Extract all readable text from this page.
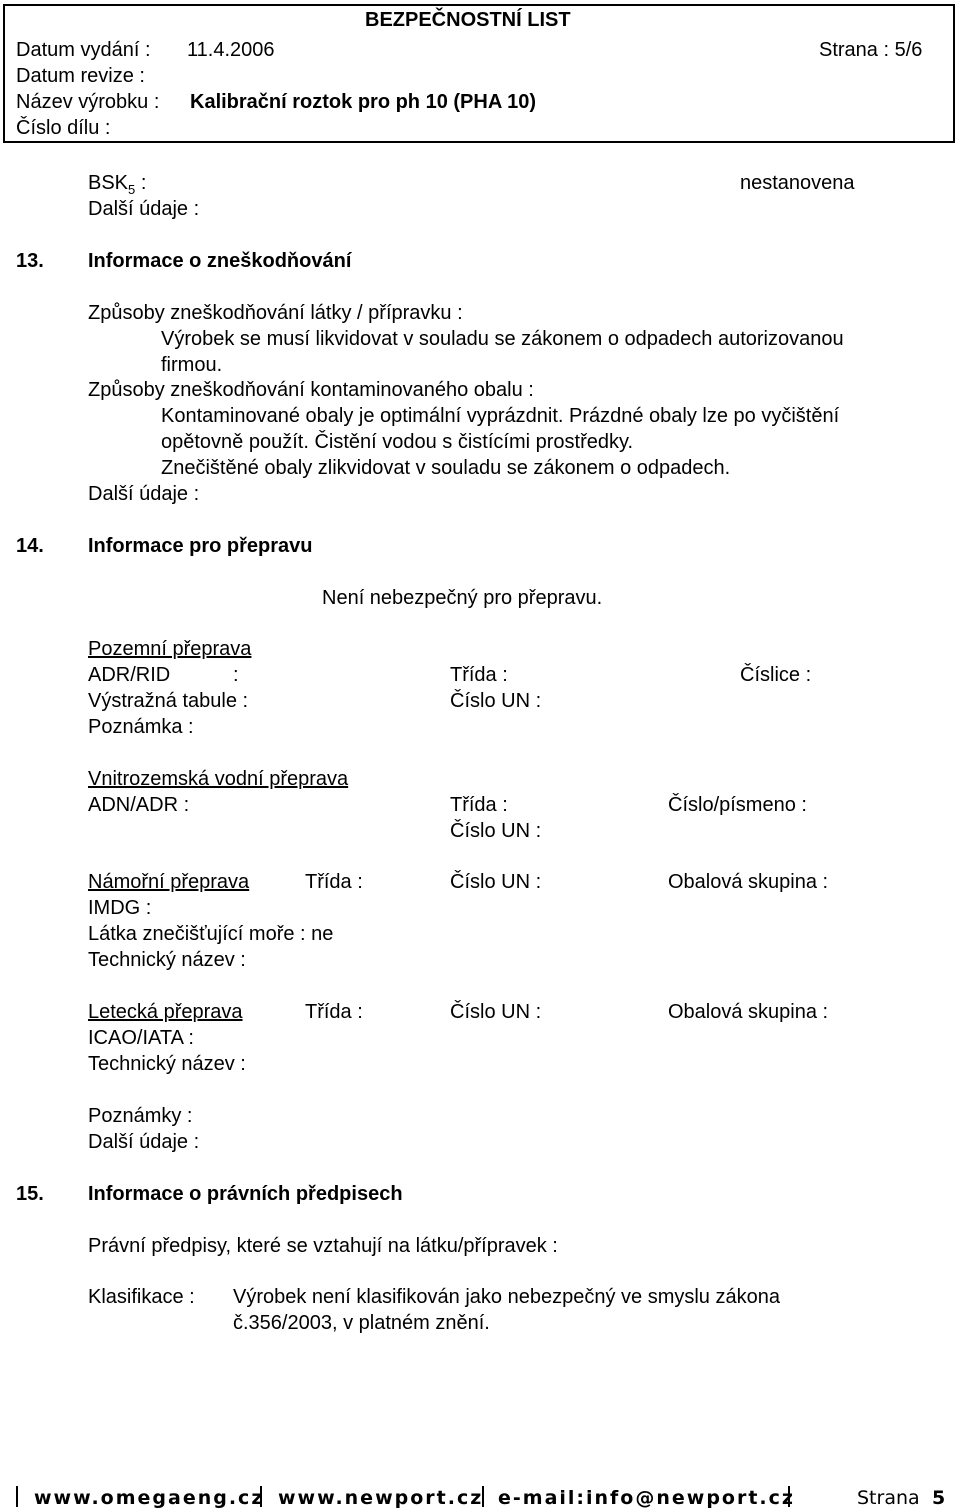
BEZPEČNOSTNÍ LIST
Datum vydání : 11.4.2006	Strana : 5/6
Datum revize :
Název výrobku : Kalibrační roztok pro ph 10 (PHA 10)
Číslo dílu :
$BSK_5$ :	nestanovena
Další údaje :
13. Informace o zneškodňování
Způsoby zneškodňování látky / přípravku :
Výrobek se musí likvidovat v souladu se zákonem o odpadech autorizovanou
firmou.
Způsoby zneškodňování kontaminovaného obalu :
Kontaminované obaly je optimální vyprázdnit. Prázdné obaly lze po vyčištění
opětovně použít. Čistění vodou s čistícími prostředky.
Znečištěné obaly zlikvidovat v souladu se zákonem o odpadech.
Další údaje :
14. Informace pro přepravu
Není nebezpečný pro přepravu.
Pozemní přeprava
ADR/RID	:	Třída :	Číslice :
Výstražná tabule :	Číslo UN :
Poznámka :
Vnitrozemská vodní přeprava
ADN/ADR :	Třída :	Číslo/písmeno :
Číslo UN :
Námořní přeprava	Třída :	Číslo UN :	Obalová skupina :
IMDG :
Látka znečišťující moře : ne
Technický název :
Letecká přeprava	Třída :	Číslo UN :	Obalová skupina :
ICAO/IATA :
Technický název :
Poznámky :
Další údaje :
15. Informace o právních předpisech
Právní předpisy, které se vztahují na látku/přípravek :
Klasifikace : Výrobek není klasifikován jako nebezpečný ve smyslu zákona
č.356/2003, v platném znění.
www.omegaeng.cz www.newport.cz e-mail: info@newport.cz	Strana 5
